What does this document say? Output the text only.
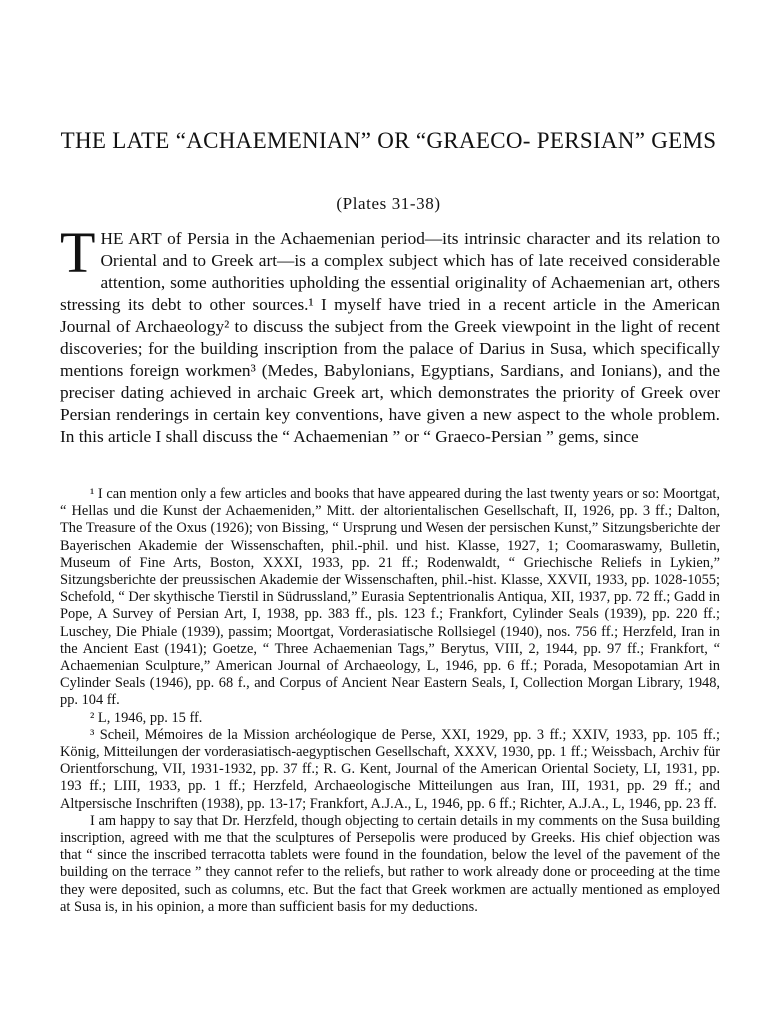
THE LATE “ACHAEMENIAN” OR “GRAECO- PERSIAN” GEMS
(Plates 31-38)
THE ART of Persia in the Achaemenian period—its intrinsic character and its relation to Oriental and to Greek art—is a complex subject which has of late received considerable attention, some authorities upholding the essential originality of Achaemenian art, others stressing its debt to other sources.¹ I myself have tried in a recent article in the American Journal of Archaeology² to discuss the subject from the Greek viewpoint in the light of recent discoveries; for the building inscription from the palace of Darius in Susa, which specifically mentions foreign workmen³ (Medes, Babylonians, Egyptians, Sardians, and Ionians), and the preciser dating achieved in archaic Greek art, which demonstrates the priority of Greek over Persian renderings in certain key conventions, have given a new aspect to the whole problem. In this article I shall discuss the “ Achaemenian ” or “ Graeco-Persian ” gems, since

¹ I can mention only a few articles and books that have appeared during the last twenty years or so: Moortgat, “ Hellas und die Kunst der Achaemeniden,” Mitt. der altorientalischen Gesellschaft, II, 1926, pp. 3 ff.; Dalton, The Treasure of the Oxus (1926); von Bissing, “ Ursprung und Wesen der persischen Kunst,” Sitzungsberichte der Bayerischen Akademie der Wissenschaften, phil.-phil. und hist. Klasse, 1927, 1; Coomaraswamy, Bulletin, Museum of Fine Arts, Boston, XXXI, 1933, pp. 21 ff.; Rodenwaldt, “ Griechische Reliefs in Lykien,” Sitzungsberichte der preussischen Akademie der Wissenschaften, phil.-hist. Klasse, XXVII, 1933, pp. 1028-1055; Schefold, “ Der skythische Tierstil in Südrussland,” Eurasia Septentrionalis Antiqua, XII, 1937, pp. 72 ff.; Gadd in Pope, A Survey of Persian Art, I, 1938, pp. 383 ff., pls. 123 f.; Frankfort, Cylinder Seals (1939), pp. 220 ff.; Luschey, Die Phiale (1939), passim; Moortgat, Vorderasiatische Rollsiegel (1940), nos. 756 ff.; Herzfeld, Iran in the Ancient East (1941); Goetze, “ Three Achaemenian Tags,” Berytus, VIII, 2, 1944, pp. 97 ff.; Frankfort, “ Achaemenian Sculpture,” American Journal of Archaeology, L, 1946, pp. 6 ff.; Porada, Mesopotamian Art in Cylinder Seals (1946), pp. 68 f., and Corpus of Ancient Near Eastern Seals, I, Collection Morgan Library, 1948, pp. 104 ff.

² L, 1946, pp. 15 ff.

³ Scheil, Mémoires de la Mission archéologique de Perse, XXI, 1929, pp. 3 ff.; XXIV, 1933, pp. 105 ff.; König, Mitteilungen der vorderasiatisch-aegyptischen Gesellschaft, XXXV, 1930, pp. 1 ff.; Weissbach, Archiv für Orientforschung, VII, 1931-1932, pp. 37 ff.; R. G. Kent, Journal of the American Oriental Society, LI, 1931, pp. 193 ff.; LIII, 1933, pp. 1 ff.; Herzfeld, Archaeologische Mitteilungen aus Iran, III, 1931, pp. 29 ff.; and Altpersische Inschriften (1938), pp. 13-17; Frankfort, A.J.A., L, 1946, pp. 6 ff.; Richter, A.J.A., L, 1946, pp. 23 ff.

I am happy to say that Dr. Herzfeld, though objecting to certain details in my comments on the Susa building inscription, agreed with me that the sculptures of Persepolis were produced by Greeks. His chief objection was that “ since the inscribed terracotta tablets were found in the foundation, below the level of the pavement of the building on the terrace ” they cannot refer to the reliefs, but rather to work already done or proceeding at the time they were deposited, such as columns, etc. But the fact that Greek workmen are actually mentioned as employed at Susa is, in his opinion, a more than sufficient basis for my deductions.
